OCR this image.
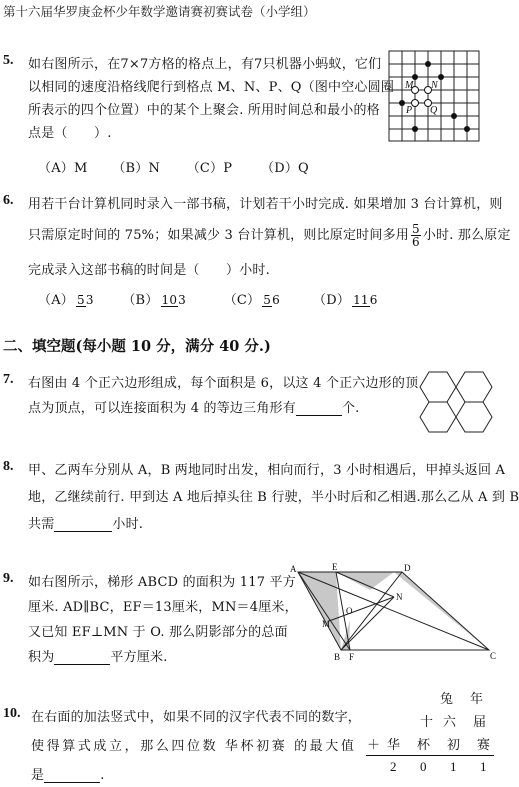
第十六届华罗庚金杯少年数学邀请赛初赛试卷（小学组）
5. 如右图所示，在7×7方格的格点上，有7只机器小蚂蚁，它们
以相同的速度沿格线爬行到格点 M、N、P、Q（图中空心圆圈
所表示的四个位置）中的某个上聚会. 所用时间总和最小的格
点是（　　）.
（A）M （B）N （C）P （D）Q
M N
P Q
6. 用若干台计算机同时录入一部书稿，计划若干小时完成. 如果增加 3 台计算机，则
只需原定时间的 75%；如果减少 3 台计算机，则比原定时间多用 $\frac{5}{6}$ 小时. 那么原定
完成录入这部书稿的时间是（　　）小时.
（A） 53 （B） 103	（C） 56	（D） 116
二、填空题(每小题 10 分，满分 40 分.)
7. 右图由 4 个正六边形组成，每个面积是 6，以这 4 个正六边形的顶
点为顶点，可以连接面积为 4 的等边三角形有	个.
8. 甲、乙两车分别从 A，B 两地同时出发，相向而行，3 小时相遇后，甲掉头返回 A
地，乙继续前行. 甲到达 A 地后掉头往 B 行驶，半小时后和乙相遇.那么乙从 A 到 B
共需	小时.
9. 如右图所示，梯形 ABCD 的面积为 117 平方
厘米. AD∥BC，EF＝13厘米，MN＝4厘米，
又已知 EF⊥MN 于 O. 那么阴影部分的总面
积为	平方厘米.
A	E	D
B F	C
M
N
O
10. 在右面的加法竖式中，如果不同的汉字代表不同的数字，
使得算式成立，那么四位数 华杯初赛 的最大值
是	.
兔 年
十 六 届
＋ 华 杯 初 赛
2 0 1 1
